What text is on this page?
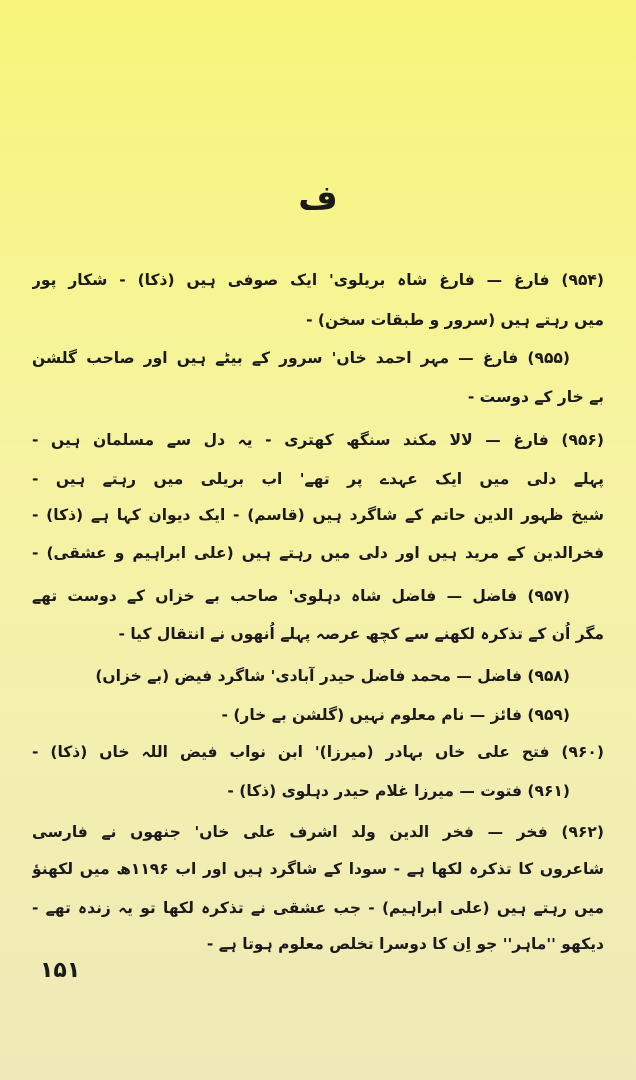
ف
(۹۵۴) فارغ — فارغ شاہ بریلوی' ایک صوفی ہیں (ذکا) - شکار پور
میں رہتے ہیں (سرور و طبقات سخن) -
(۹۵۵) فارغ — مہر احمد خاں' سرور کے بیٹے ہیں اور صاحب گلشن
بے خار کے دوست -
(۹۵۶) فارغ — لالا مکند سنگھ کھتری - یہ دل سے مسلمان ہیں -
پہلے دلی میں ایک عہدے پر تھے' اب بریلی میں رہتے ہیں -
شیخ ظہور الدین حاتم کے شاگرد ہیں (قاسم) - ایک دیوان کہا ہے (ذکا) -
فخرالدین کے مرید ہیں اور دلی میں رہتے ہیں (علی ابراہیم و عشقی) -
(۹۵۷) فاضل — فاضل شاہ دہلوی' صاحب بے خزاں کے دوست تھے
مگر اُن کے تذکرہ لکھنے سے کچھ عرصہ پہلے اُنھوں نے انتقال کیا -
(۹۵۸) فاضل — محمد فاضل حیدر آبادی' شاگرد فیض (بے خزاں)
(۹۵۹) فائز — نام معلوم نہیں (گلشن بے خار) -
(۹۶۰) فتح علی خاں بہادر (میرزا)' ابن نواب فیض اللہ خاں (ذکا) -
(۹۶۱) فتوت — میرزا غلام حیدر دہلوی (ذکا) -
(۹۶۲) فخر — فخر الدین ولد اشرف علی خاں' جنھوں نے فارسی
شاعروں کا تذکرہ لکھا ہے - سودا کے شاگرد ہیں اور اب ۱۱۹۶ھ میں لکھنؤ
میں رہتے ہیں (علی ابراہیم) - جب عشقی نے تذکرہ لکھا تو یہ زندہ تھے -
دیکھو ''ماہر'' جو اِن کا دوسرا تخلص معلوم ہوتا ہے -
۱۵۱
